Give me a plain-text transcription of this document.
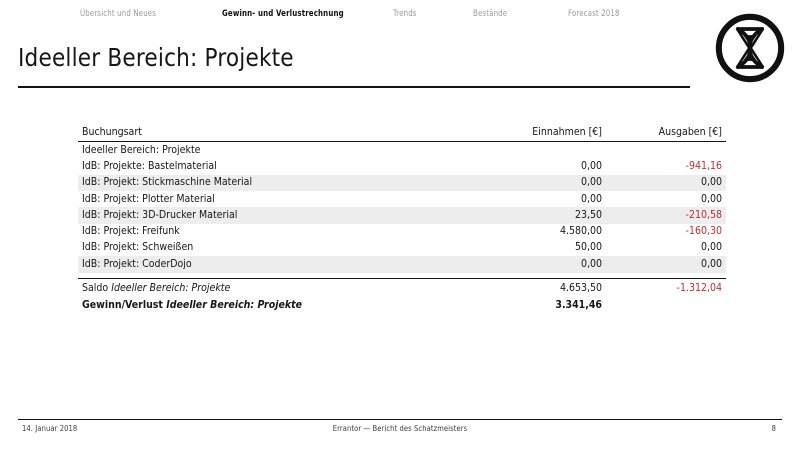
Übersicht und Neues	Gewinn- und Verlustrechnung	Trends	Bestände	Forecast 2018
Ideeller Bereich: Projekte
Buchungsart	Einnahmen [€]	Ausgaben [€]
Ideeller Bereich: Projekte		
IdB: Projekte: Bastelmaterial	0,00	-941,16
IdB: Projekt: Stickmaschine Material	0,00	0,00
IdB: Projekt: Plotter Material	0,00	0,00
IdB: Projekt: 3D-Drucker Material	23,50	-210,58
IdB: Projekt: Freifunk	4.580,00	-160,30
IdB: Projekt: Schweißen	50,00	0,00
IdB: Projekt: CoderDojo	0,00	0,00

Saldo Ideeller Bereich: Projekte	4.653,50	-1.312,04
Gewinn/Verlust Ideeller Bereich: Projekte	3.341,46	
14. Januar 2018	Errantor — Bericht des Schatzmeisters	8
